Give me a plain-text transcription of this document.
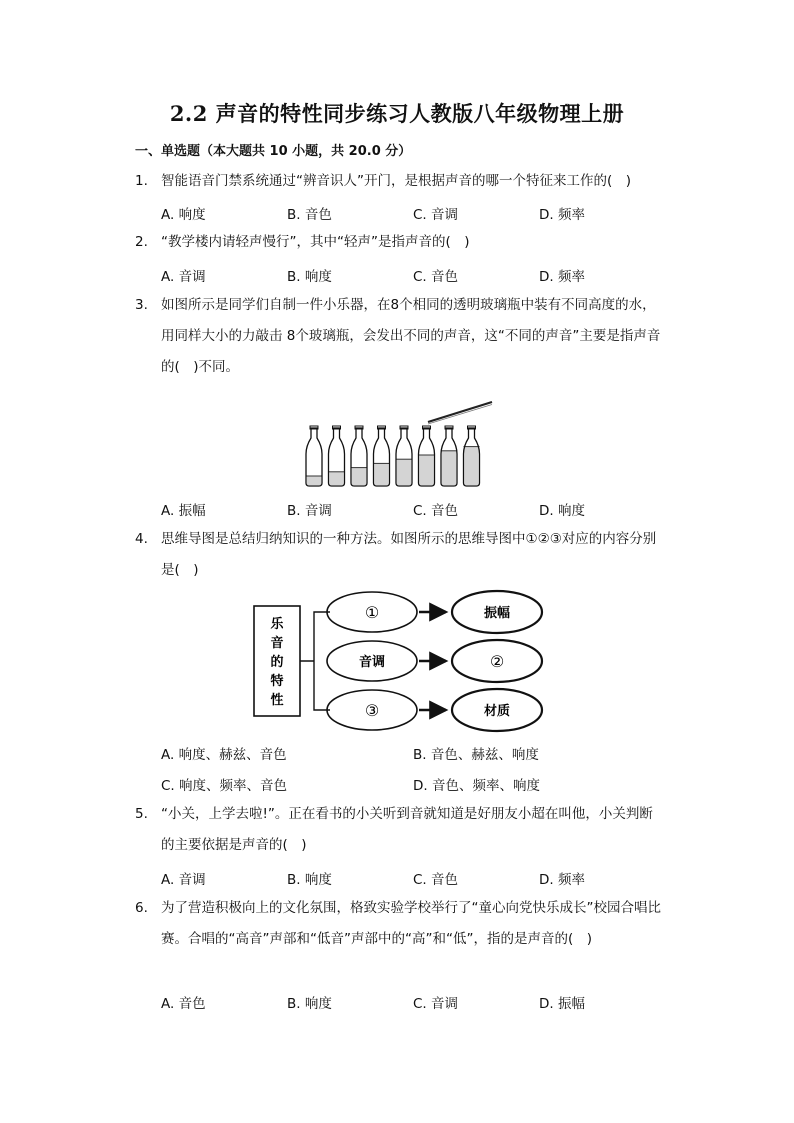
2.2 声音的特性同步练习人教版八年级物理上册
一、单选题（本大题共 10 小题，共 20.0 分）
1. 智能语音门禁系统通过“辨音识人”开门，是根据声音的哪一个特征来工作的(　)
A. 响度	B. 音色	C. 音调	D. 频率
2. “教学楼内请轻声慢行”，其中“轻声”是指声音的(　)
A. 音调	B. 响度	C. 音色	D. 频率
3. 如图所示是同学们自制一件小乐器，在8个相同的透明玻璃瓶中装有不同高度的水，用同样大小的力敲击 8个玻璃瓶，会发出不同的声音，这“不同的声音”主要是指声音的(　)不同。
A. 振幅	B. 音调	C. 音色	D. 响度
4. 思维导图是总结归纳知识的一种方法。如图所示的思维导图中①②③对应的内容分别是(　)
乐
音
的
特
性
①
音调
③
振幅
②
材质
A. 响度、赫兹、音色	B. 音色、赫兹、响度
C. 响度、频率、音色	D. 音色、频率、响度
5. “小关，上学去啦!”。正在看书的小关听到音就知道是好朋友小超在叫他，小关判断的主要依据是声音的(　)
A. 音调	B. 响度	C. 音色	D. 频率
6. 为了营造积极向上的文化氛围，格致实验学校举行了“童心向党快乐成长”校园合唱比赛。合唱的“高音”声部和“低音”声部中的“高”和“低”，指的是声音的(　)
A. 音色	B. 响度	C. 音调	D. 振幅
